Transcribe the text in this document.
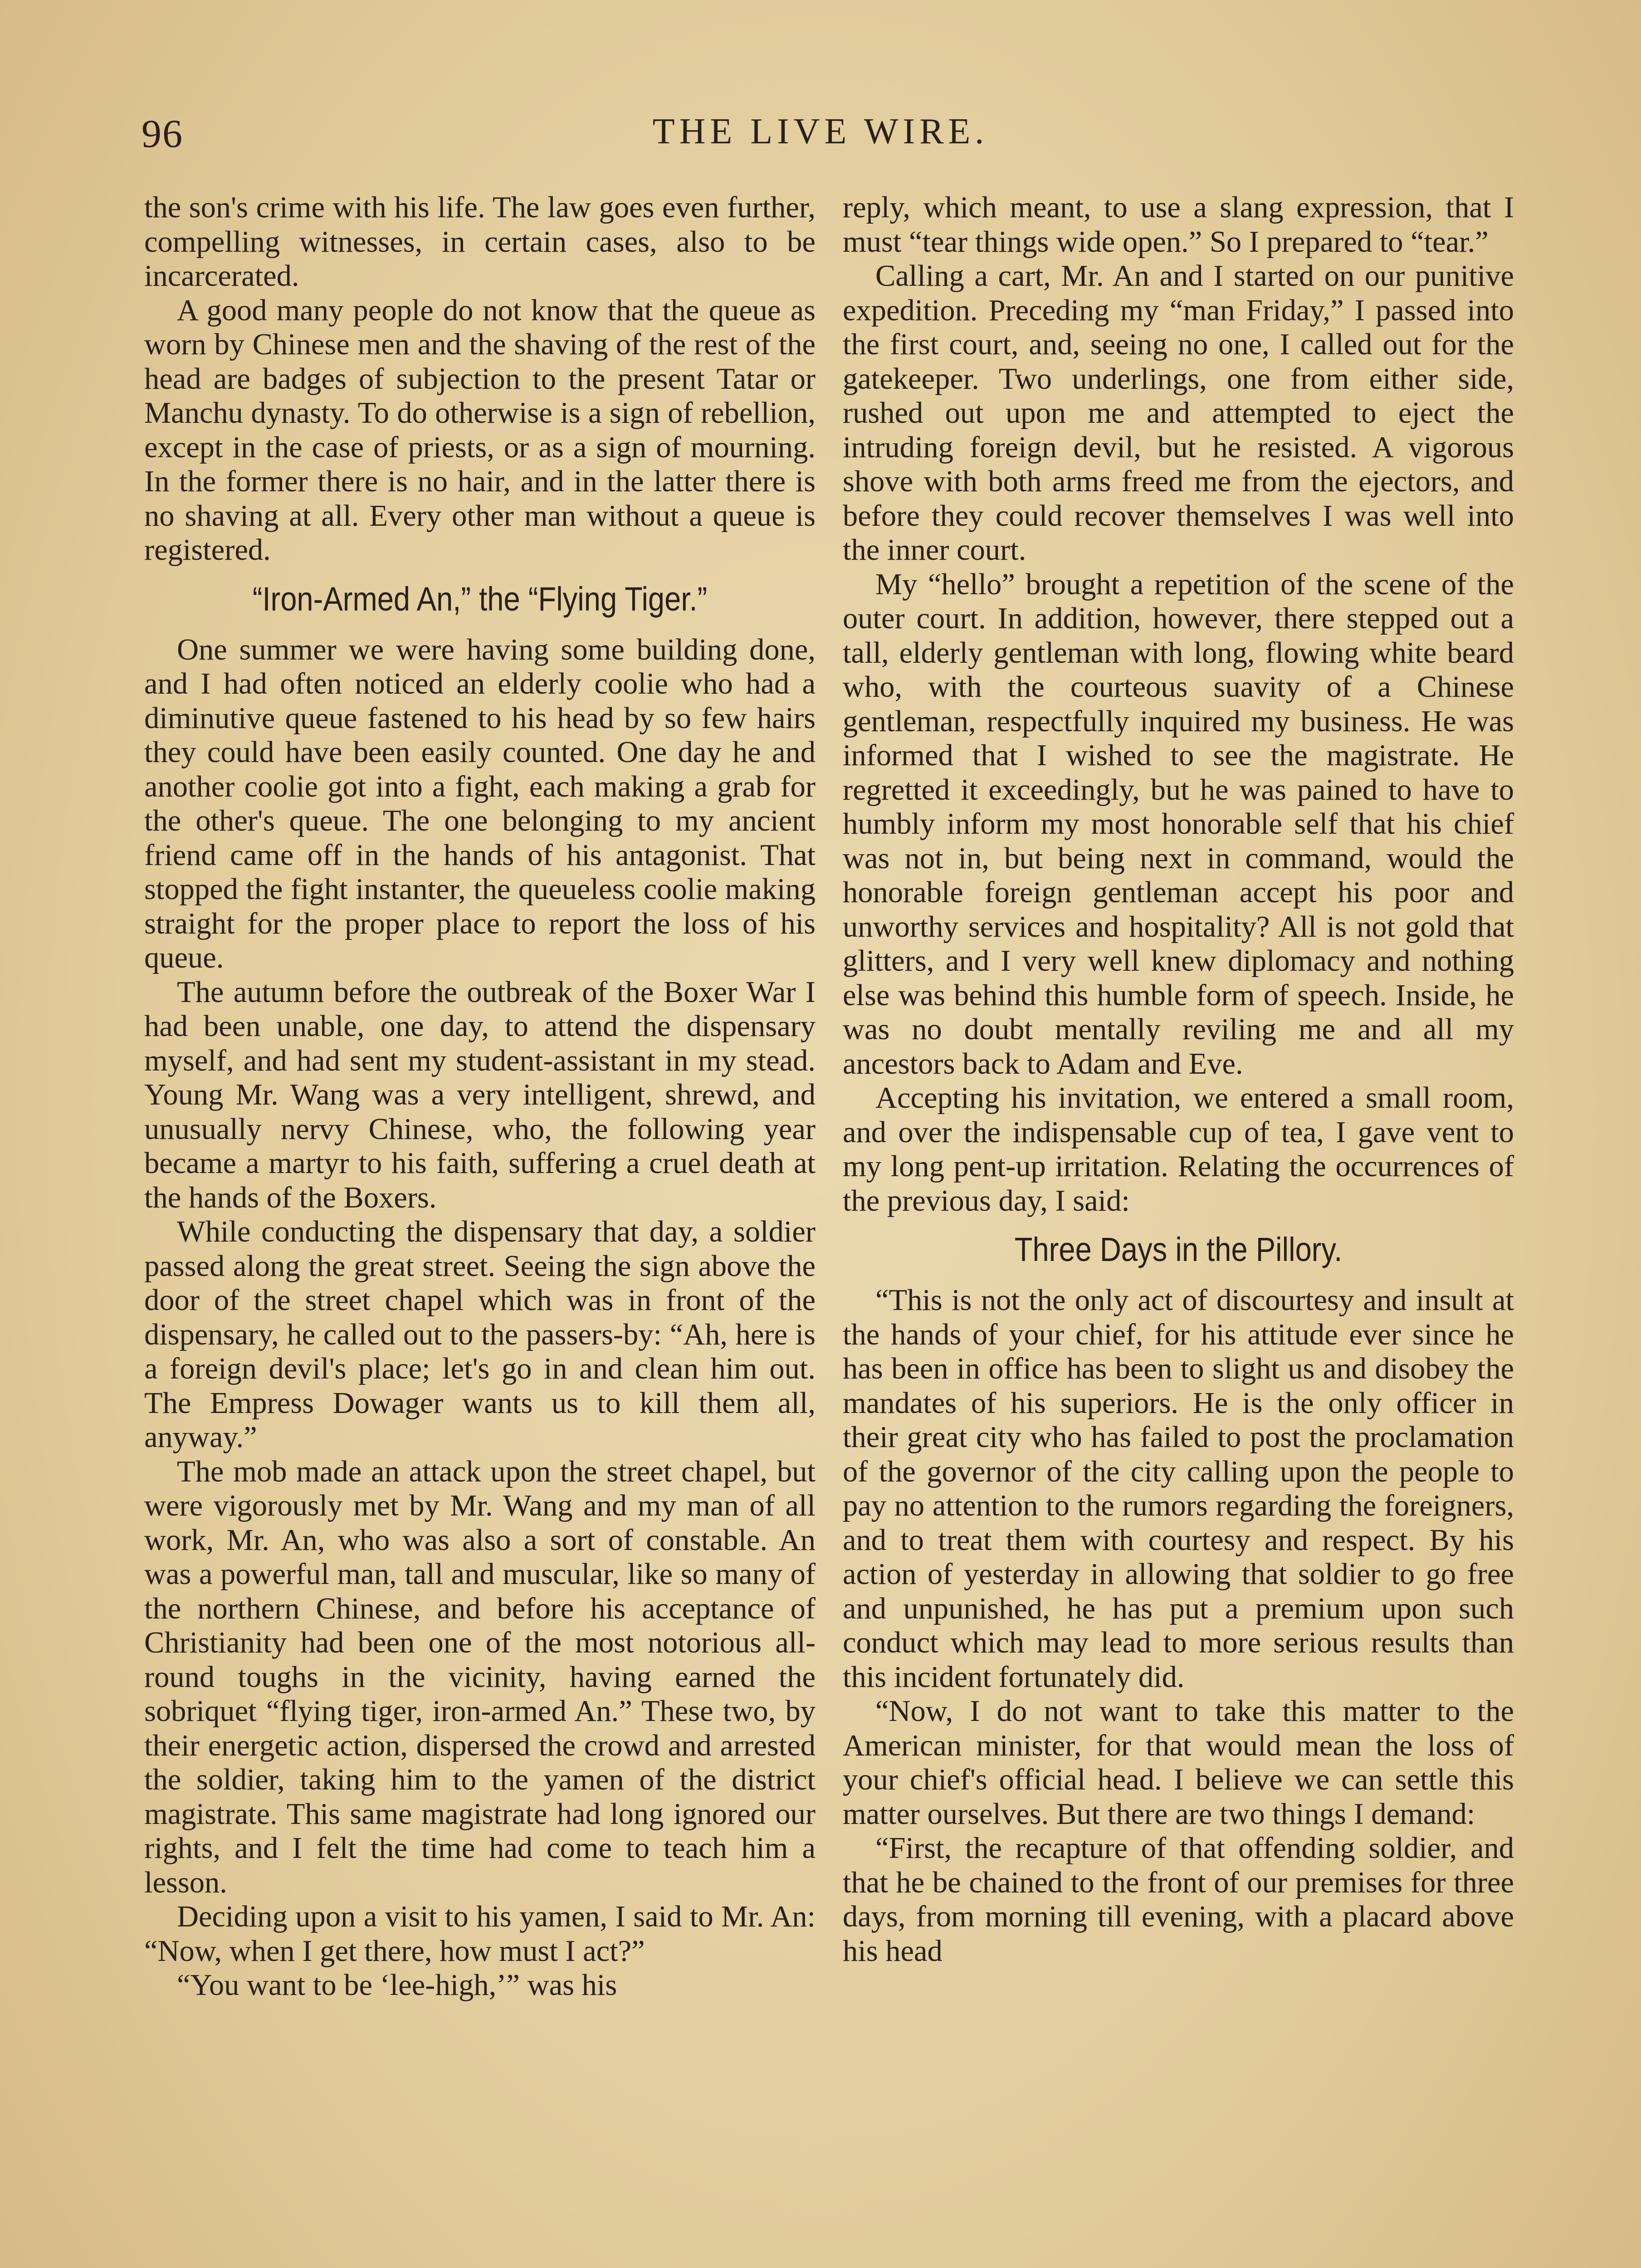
96	THE LIVE WIRE.

the son's crime with his life. The law goes even further, compelling witnesses, in certain cases, also to be incarcerated.

A good many people do not know that the queue as worn by Chinese men and the shaving of the rest of the head are badges of subjection to the present Tatar or Manchu dynasty. To do otherwise is a sign of rebellion, except in the case of priests, or as a sign of mourning. In the former there is no hair, and in the latter there is no shaving at all. Every other man without a queue is registered.

“Iron-Armed An,” the “Flying Tiger.”

One summer we were having some building done, and I had often noticed an elderly coolie who had a diminutive queue fastened to his head by so few hairs they could have been easily counted. One day he and another coolie got into a fight, each making a grab for the other's queue. The one belonging to my ancient friend came off in the hands of his antagonist. That stopped the fight instanter, the queueless coolie making straight for the proper place to report the loss of his queue.

The autumn before the outbreak of the Boxer War I had been unable, one day, to attend the dispensary myself, and had sent my student-assistant in my stead. Young Mr. Wang was a very intelligent, shrewd, and unusually nervy Chinese, who, the following year became a martyr to his faith, suffering a cruel death at the hands of the Boxers.

While conducting the dispensary that day, a soldier passed along the great street. Seeing the sign above the door of the street chapel which was in front of the dispensary, he called out to the passers-by: “Ah, here is a foreign devil's place; let's go in and clean him out. The Empress Dowager wants us to kill them all, anyway.”

The mob made an attack upon the street chapel, but were vigorously met by Mr. Wang and my man of all work, Mr. An, who was also a sort of constable. An was a powerful man, tall and muscular, like so many of the northern Chinese, and before his acceptance of Christianity had been one of the most notorious all-round toughs in the vicinity, having earned the sobriquet “flying tiger, iron-armed An.” These two, by their energetic action, dispersed the crowd and arrested the soldier, taking him to the yamen of the district magistrate. This same magistrate had long ignored our rights, and I felt the time had come to teach him a lesson.

Deciding upon a visit to his yamen, I said to Mr. An: “Now, when I get there, how must I act?”

“You want to be ‘lee-high,’” was his

reply, which meant, to use a slang expression, that I must “tear things wide open.” So I prepared to “tear.”

Calling a cart, Mr. An and I started on our punitive expedition. Preceding my “man Friday,” I passed into the first court, and, seeing no one, I called out for the gatekeeper. Two underlings, one from either side, rushed out upon me and attempted to eject the intruding foreign devil, but he resisted. A vigorous shove with both arms freed me from the ejectors, and before they could recover themselves I was well into the inner court.

My “hello” brought a repetition of the scene of the outer court. In addition, however, there stepped out a tall, elderly gentleman with long, flowing white beard who, with the courteous suavity of a Chinese gentleman, respectfully inquired my business. He was informed that I wished to see the magistrate. He regretted it exceedingly, but he was pained to have to humbly inform my most honorable self that his chief was not in, but being next in command, would the honorable foreign gentleman accept his poor and unworthy services and hospitality? All is not gold that glitters, and I very well knew diplomacy and nothing else was behind this humble form of speech. Inside, he was no doubt mentally reviling me and all my ancestors back to Adam and Eve.

Accepting his invitation, we entered a small room, and over the indispensable cup of tea, I gave vent to my long pent-up irritation. Relating the occurrences of the previous day, I said:

Three Days in the Pillory.

“This is not the only act of discourtesy and insult at the hands of your chief, for his attitude ever since he has been in office has been to slight us and disobey the mandates of his superiors. He is the only officer in their great city who has failed to post the proclamation of the governor of the city calling upon the people to pay no attention to the rumors regarding the foreigners, and to treat them with courtesy and respect. By his action of yesterday in allowing that soldier to go free and unpunished, he has put a premium upon such conduct which may lead to more serious results than this incident fortunately did.

“Now, I do not want to take this matter to the American minister, for that would mean the loss of your chief's official head. I believe we can settle this matter ourselves. But there are two things I demand:

“First, the recapture of that offending soldier, and that he be chained to the front of our premises for three days, from morning till evening, with a placard above his head
